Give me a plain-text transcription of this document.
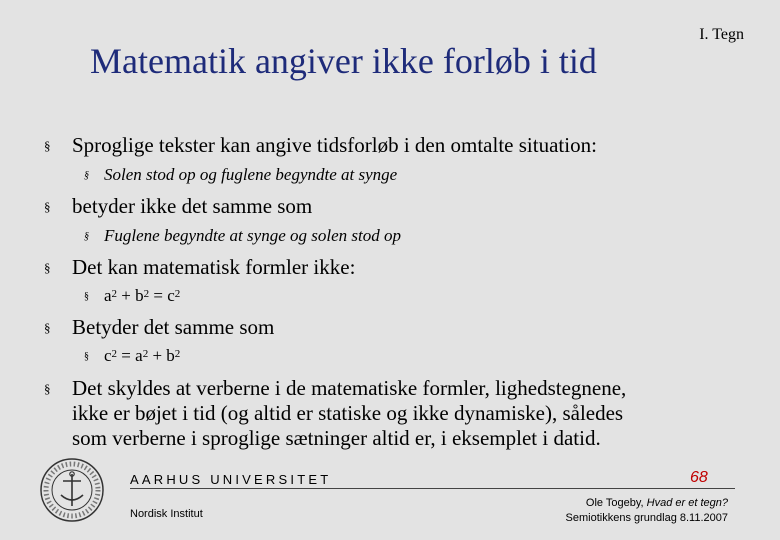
I. Tegn
Matematik angiver ikke forløb i tid
§ Sproglige tekster kan angive tidsforløb i den omtalte situation:
§ Solen stod op og fuglene begyndte at synge
§ betyder ikke det samme som
§ Fuglene begyndte at synge og solen stod op
§ Det kan matematisk formler ikke:
§ $a^2 + b^2 = c^2$
§ Betyder det samme som
§ $c^2 = a^2 + b^2$
§ Det skyldes at verberne i de matematiske formler, lighedstegnene,
ikke er bøjet i tid (og altid er statiske og ikke dynamiske), således
som verberne i sproglige sætninger altid er, i eksemplet i datid.
AARHUS UNIVERSITET	68
Nordisk Institut
Ole Togeby, Hvad er et tegn?
Semiotikkens grundlag 8.11.2007
